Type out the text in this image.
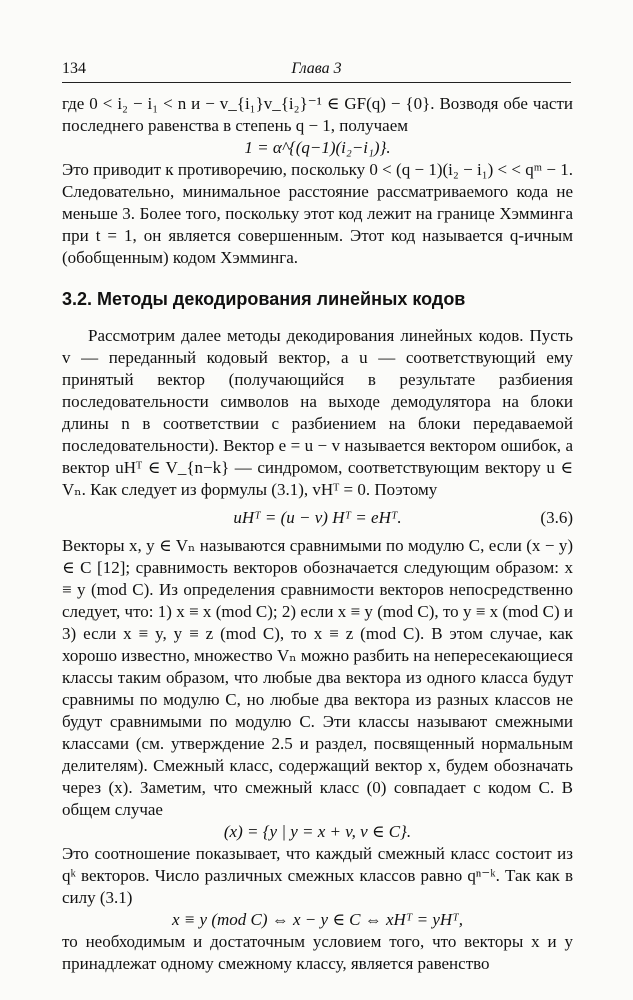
134	Глава 3

где 0 < i₂ − i₁ < n и − v_{i₁}v_{i₂}⁻¹ ∈ GF(q) − {0}. Возводя обе части последнего равенства в степень q − 1, получаем

1 = α^{(q−1)(i₂−i₁)}.

Это приводит к противоречию, поскольку 0 < (q − 1)(i₂ − i₁) < < qᵐ − 1. Следовательно, минимальное расстояние рассматриваемого кода не меньше 3. Более того, поскольку этот код лежит на границе Хэмминга при t = 1, он является совершенным. Этот код называется q-ичным (обобщенным) кодом Хэмминга.

3.2. Методы декодирования линейных кодов

Рассмотрим далее методы декодирования линейных кодов. Пусть v — переданный кодовый вектор, а u — соответствующий ему принятый вектор (получающийся в результате разбиения последовательности символов на выходе демодулятора на блоки длины n в соответствии с разбиением на блоки передаваемой последовательности). Вектор e = u − v называется вектором ошибок, а вектор uHᵀ ∈ V_{n−k} — синдромом, соответствующим вектору u ∈ Vₙ. Как следует из формулы (3.1), vHᵀ = 0. Поэтому

uHᵀ = (u − v) Hᵀ = eHᵀ.	(3.6)

Векторы x, y ∈ Vₙ называются сравнимыми по модулю C, если (x − y) ∈ C [12]; сравнимость векторов обозначается следующим образом: x ≡ y (mod C). Из определения сравнимости векторов непосредственно следует, что: 1) x ≡ x (mod C); 2) если x ≡ y (mod C), то y ≡ x (mod C) и 3) если x ≡ y, y ≡ z (mod C), то x ≡ z (mod C). В этом случае, как хорошо известно, множество Vₙ можно разбить на непересекающиеся классы таким образом, что любые два вектора из одного класса будут сравнимы по модулю C, но любые два вектора из разных классов не будут сравнимыми по модулю C. Эти классы называют смежными классами (см. утверждение 2.5 и раздел, посвященный нормальным делителям). Смежный класс, содержащий вектор x, будем обозначать через (x). Заметим, что смежный класс (0) совпадает с кодом C. В общем случае

(x) = {y | y = x + v, v ∈ C}.

Это соотношение показывает, что каждый смежный класс состоит из qᵏ векторов. Число различных смежных классов равно qⁿ⁻ᵏ. Так как в силу (3.1)

x ≡ y (mod C) ⇔ x − y ∈ C ⇔ xHᵀ = yHᵀ,

то необходимым и достаточным условием того, что векторы x и y принадлежат одному смежному классу, является равенство
